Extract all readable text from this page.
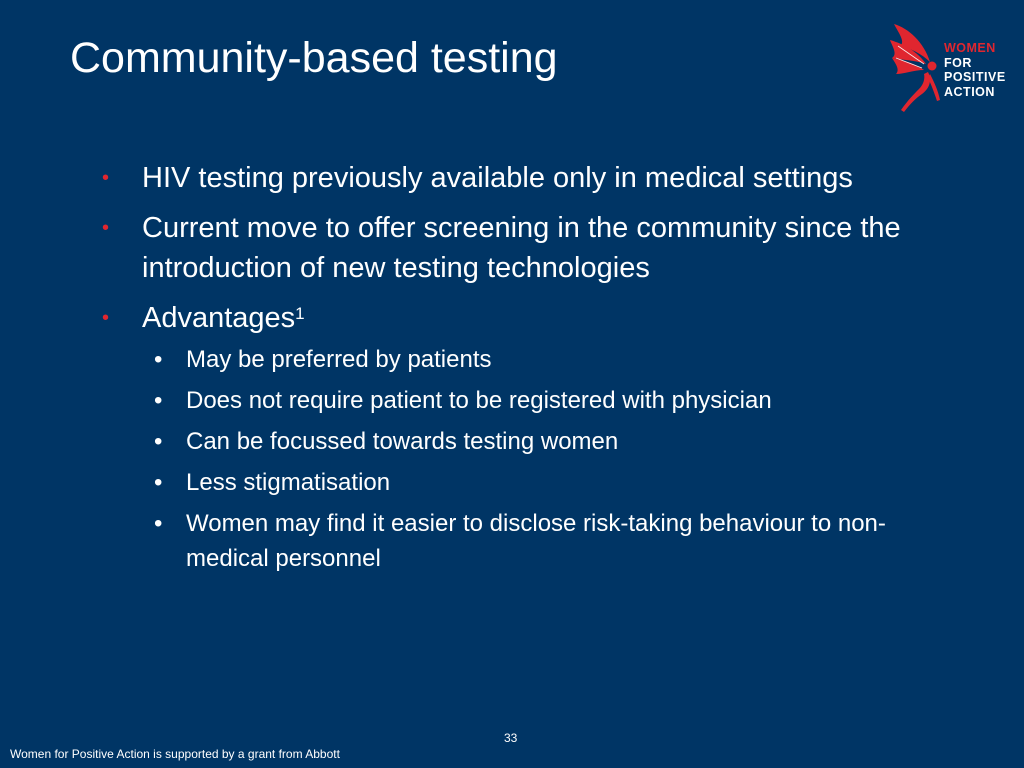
Community-based testing	WOMEN
FOR
POSITIVE
ACTION
• HIV testing previously available only in medical settings
• Current move to offer screening in the community since the introduction of new testing technologies
• Advantages$^1$
• May be preferred by patients
• Does not require patient to be registered with physician
• Can be focussed towards testing women
• Less stigmatisation
• Women may find it easier to disclose risk-taking behaviour to non-medical personnel
33
Women for Positive Action is supported by a grant from Abbott
